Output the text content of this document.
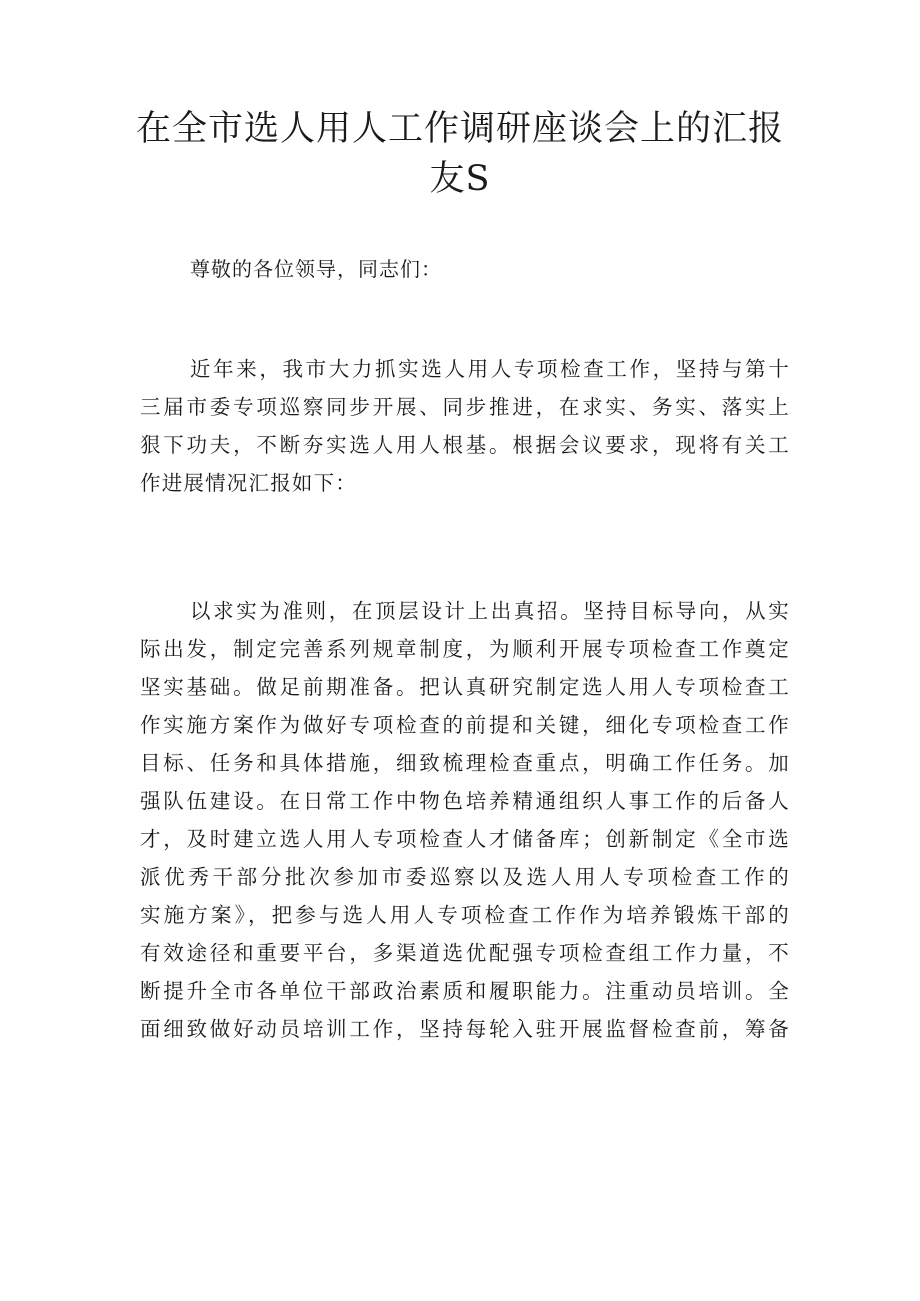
在全市选人用人工作调研座谈会上的汇报
友S

尊敬的各位领导，同志们：

近年来，我市大力抓实选人用人专项检查工作，坚持与第十
三届市委专项巡察同步开展、同步推进，在求实、务实、落实上
狠下功夫，不断夯实选人用人根基。根据会议要求，现将有关工
作进展情况汇报如下：
以求实为准则，在顶层设计上出真招。坚持目标导向，从实
际出发，制定完善系列规章制度，为顺利开展专项检查工作奠定
坚实基础。做足前期准备。把认真研究制定选人用人专项检查工
作实施方案作为做好专项检查的前提和关键，细化专项检查工作
目标、任务和具体措施，细致梳理检查重点，明确工作任务。加
强队伍建设。在日常工作中物色培养精通组织人事工作的后备人
才，及时建立选人用人专项检查人才储备库；创新制定《全市选
派优秀干部分批次参加市委巡察以及选人用人专项检查工作的
实施方案》，把参与选人用人专项检查工作作为培养锻炼干部的
有效途径和重要平台，多渠道选优配强专项检查组工作力量，不
断提升全市各单位干部政治素质和履职能力。注重动员培训。全
面细致做好动员培训工作，坚持每轮入驻开展监督检查前，筹备
